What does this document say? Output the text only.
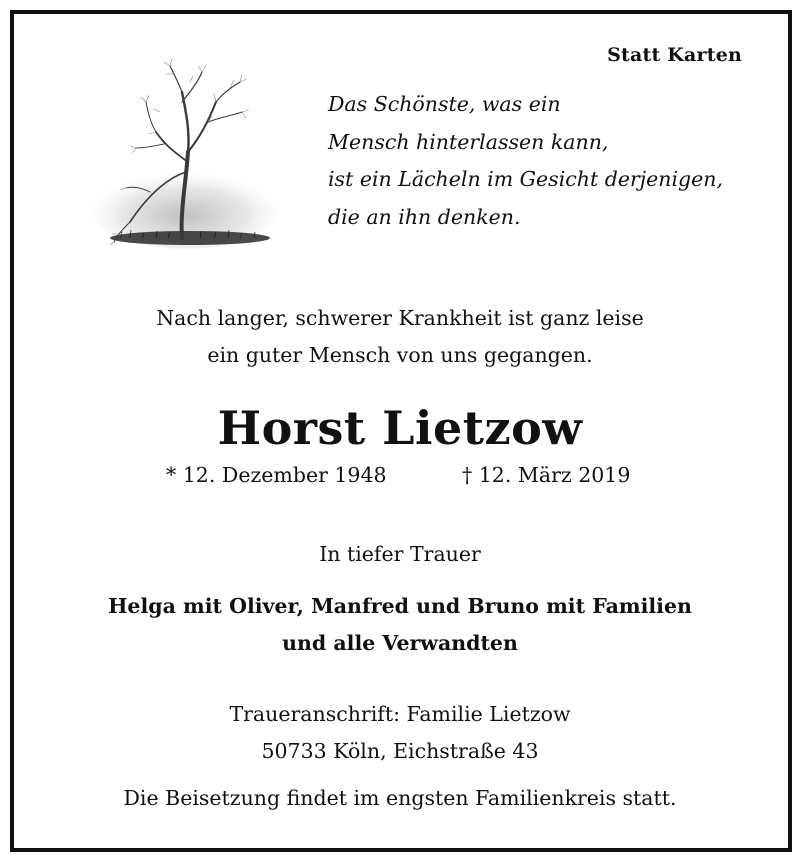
Statt Karten
Das Schönste, was ein
Mensch hinterlassen kann,
ist ein Lächeln im Gesicht derjenigen,
die an ihn denken.
Nach langer, schwerer Krankheit ist ganz leise
ein guter Mensch von uns gegangen.
Horst Lietzow
* 12. Dezember 1948	† 12. März 2019
In tiefer Trauer
Helga mit Oliver, Manfred und Bruno mit Familien
und alle Verwandten
Traueranschrift: Familie Lietzow
50733 Köln, Eichstraße 43
Die Beisetzung findet im engsten Familienkreis statt.
